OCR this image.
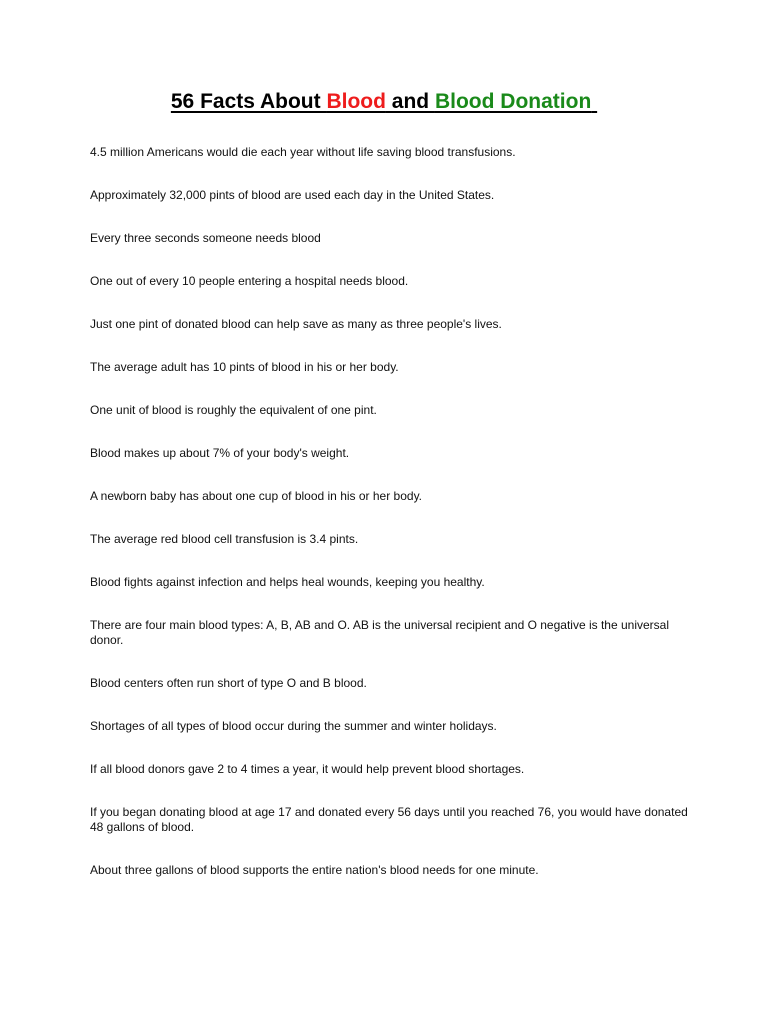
56 Facts About Blood and Blood Donation
4.5 million Americans would die each year without life saving blood transfusions.
Approximately 32,000 pints of blood are used each day in the United States.
Every three seconds someone needs blood
One out of every 10 people entering a hospital needs blood.
Just one pint of donated blood can help save as many as three people's lives.
The average adult has 10 pints of blood in his or her body.
One unit of blood is roughly the equivalent of one pint.
Blood makes up about 7% of your body's weight.
A newborn baby has about one cup of blood in his or her body.
The average red blood cell transfusion is 3.4 pints.
Blood fights against infection and helps heal wounds, keeping you healthy.
There are four main blood types: A, B, AB and O. AB is the universal recipient and O negative is the universal donor.
Blood centers often run short of type O and B blood.
Shortages of all types of blood occur during the summer and winter holidays.
If all blood donors gave 2 to 4 times a year, it would help prevent blood shortages.
If you began donating blood at age 17 and donated every 56 days until you reached 76, you would have donated 48 gallons of blood.
About three gallons of blood supports the entire nation's blood needs for one minute.
